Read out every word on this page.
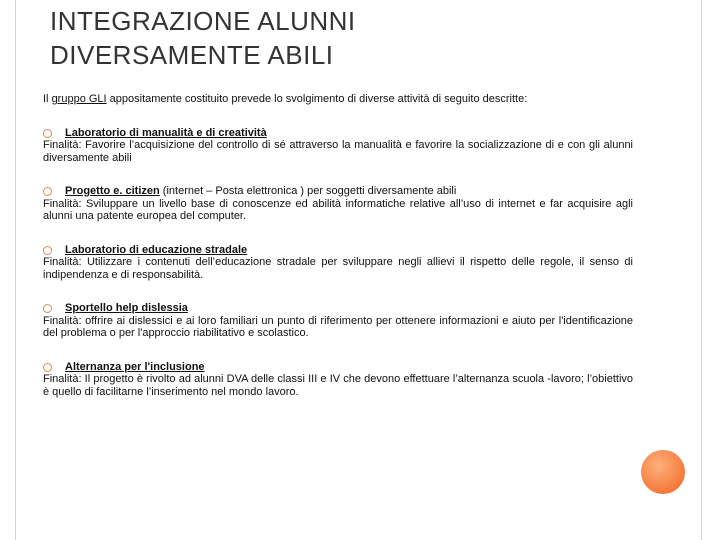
INTEGRAZIONE ALUNNI
DIVERSAMENTE ABILI

Il gruppo GLI appositamente costituito prevede lo svolgimento di diverse attività di seguito descritte:

Laboratorio di manualità e di creatività

Finalità: Favorire l’acquisizione del controllo di sé attraverso la manualità e favorire la socializzazione di e con gli alunni diversamente abili

Progetto e. citizen (internet – Posta elettronica ) per soggetti diversamente abili

Finalità: Sviluppare un livello base di conoscenze ed abilità informatiche relative all’uso di internet e far acquisire agli alunni una patente europea del computer.

Laboratorio di educazione stradale

Finalità: Utilizzare i contenuti dell’educazione stradale per sviluppare negli allievi il rispetto delle regole, il senso di indipendenza e di responsabilità.

Sportello help dislessia

Finalità: offrire ai dislessici e ai loro familiari un punto di riferimento per ottenere informazioni e aiuto per l'identificazione del problema o per l'approccio riabilitativo e scolastico.

Alternanza per l'inclusione

Finalità: Il progetto è rivolto ad alunni DVA delle classi III e IV che devono effettuare l’alternanza scuola -lavoro; l’obiettivo è quello di facilitarne l’inserimento nel mondo lavoro.
